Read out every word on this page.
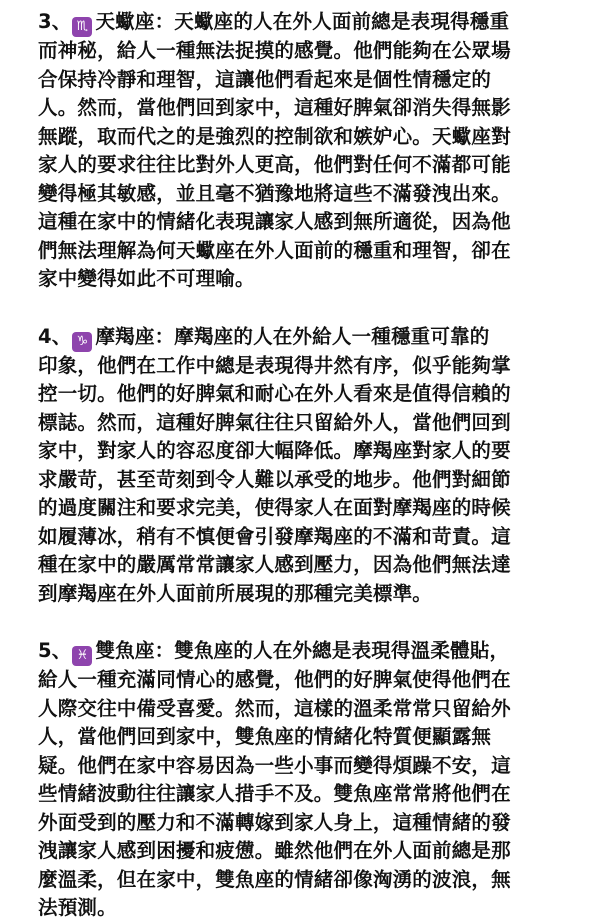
3、 ♏ 天蠍座：天蠍座的人在外人面前總是表現得穩重
而神秘，給人一種無法捉摸的感覺。他們能夠在公眾場
合保持冷靜和理智，這讓他們看起來是個性情穩定的
人。然而，當他們回到家中，這種好脾氣卻消失得無影
無蹤，取而代之的是強烈的控制欲和嫉妒心。天蠍座對
家人的要求往往比對外人更高，他們對任何不滿都可能
變得極其敏感，並且毫不猶豫地將這些不滿發洩出來。
這種在家中的情緒化表現讓家人感到無所適從，因為他
們無法理解為何天蠍座在外人面前的穩重和理智，卻在
家中變得如此不可理喻。
4、 ♑ 摩羯座：摩羯座的人在外給人一種穩重可靠的
印象，他們在工作中總是表現得井然有序，似乎能夠掌
控一切。他們的好脾氣和耐心在外人看來是值得信賴的
標誌。然而，這種好脾氣往往只留給外人，當他們回到
家中，對家人的容忍度卻大幅降低。摩羯座對家人的要
求嚴苛，甚至苛刻到令人難以承受的地步。他們對細節
的過度關注和要求完美，使得家人在面對摩羯座的時候
如履薄冰，稍有不慎便會引發摩羯座的不滿和苛責。這
種在家中的嚴厲常常讓家人感到壓力，因為他們無法達
到摩羯座在外人面前所展現的那種完美標準。
5、 ♓ 雙魚座：雙魚座的人在外總是表現得溫柔體貼，
給人一種充滿同情心的感覺，他們的好脾氣使得他們在
人際交往中備受喜愛。然而，這樣的溫柔常常只留給外
人，當他們回到家中，雙魚座的情緒化特質便顯露無
疑。他們在家中容易因為一些小事而變得煩躁不安，這
些情緒波動往往讓家人措手不及。雙魚座常常將他們在
外面受到的壓力和不滿轉嫁到家人身上，這種情緒的發
洩讓家人感到困擾和疲憊。雖然他們在外人面前總是那
麼溫柔，但在家中，雙魚座的情緒卻像洶湧的波浪，無
法預測。
